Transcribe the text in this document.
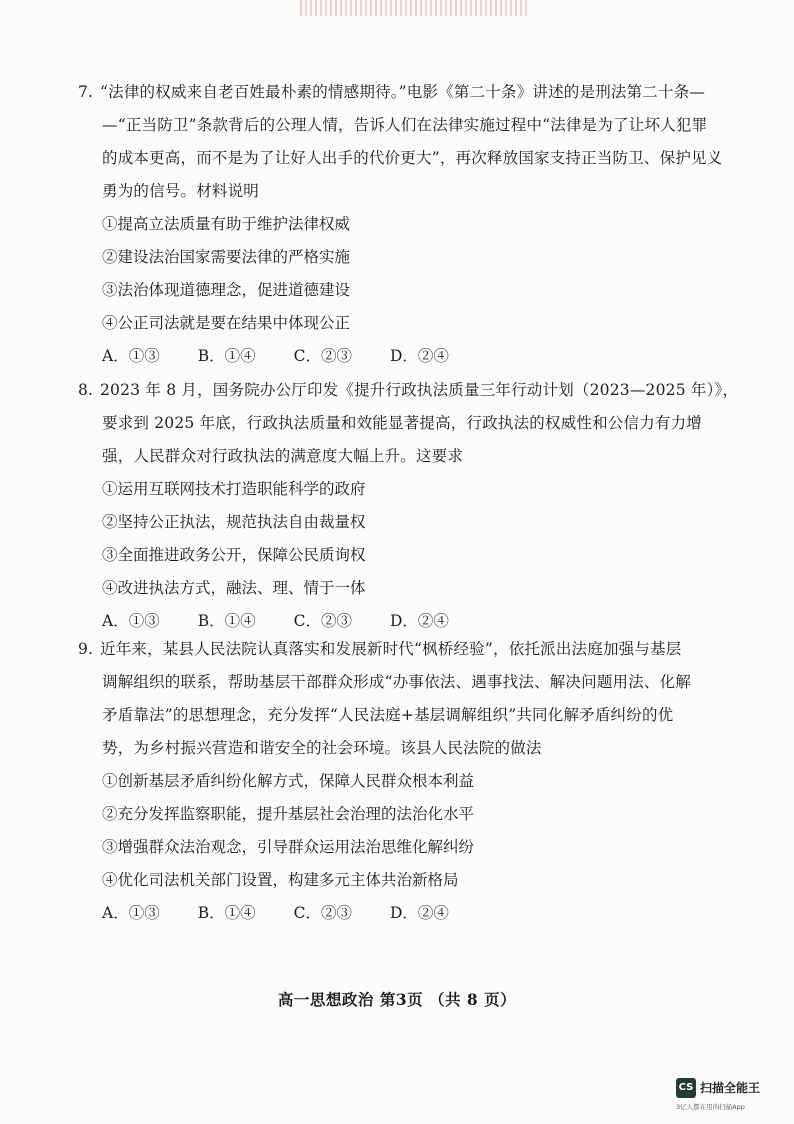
7. “法律的权威来自老百姓最朴素的情感期待。”电影《第二十条》讲述的是刑法第二十条—
—“正当防卫”条款背后的公理人情，告诉人们在法律实施过程中“法律是为了让坏人犯罪
的成本更高，而不是为了让好人出手的代价更大”，再次释放国家支持正当防卫、保护见义
勇为的信号。材料说明
①提高立法质量有助于维护法律权威
②建设法治国家需要法律的严格实施
③法治体现道德理念，促进道德建设
④公正司法就是要在结果中体现公正
A．①③ B．①④ C．②③ D．②④
8. 2023 年 8 月，国务院办公厅印发《提升行政执法质量三年行动计划（2023—2025 年）》，
要求到 2025 年底，行政执法质量和效能显著提高，行政执法的权威性和公信力有力增
强，人民群众对行政执法的满意度大幅上升。这要求
①运用互联网技术打造职能科学的政府
②坚持公正执法，规范执法自由裁量权
③全面推进政务公开，保障公民质询权
④改进执法方式，融法、理、情于一体
A．①③ B．①④ C．②③ D．②④
9. 近年来，某县人民法院认真落实和发展新时代“枫桥经验”，依托派出法庭加强与基层
调解组织的联系，帮助基层干部群众形成“办事依法、遇事找法、解决问题用法、化解
矛盾靠法”的思想理念，充分发挥“人民法庭+基层调解组织”共同化解矛盾纠纷的优
势，为乡村振兴营造和谐安全的社会环境。该县人民法院的做法
①创新基层矛盾纠纷化解方式，保障人民群众根本利益
②充分发挥监察职能，提升基层社会治理的法治化水平
③增强群众法治观念，引导群众运用法治思维化解纠纷
④优化司法机关部门设置，构建多元主体共治新格局
A．①③ B．①④ C．②③ D．②④
高一思想政治 第3页 （共 8 页）
CS 扫描全能王
3亿人都在用的扫描App
